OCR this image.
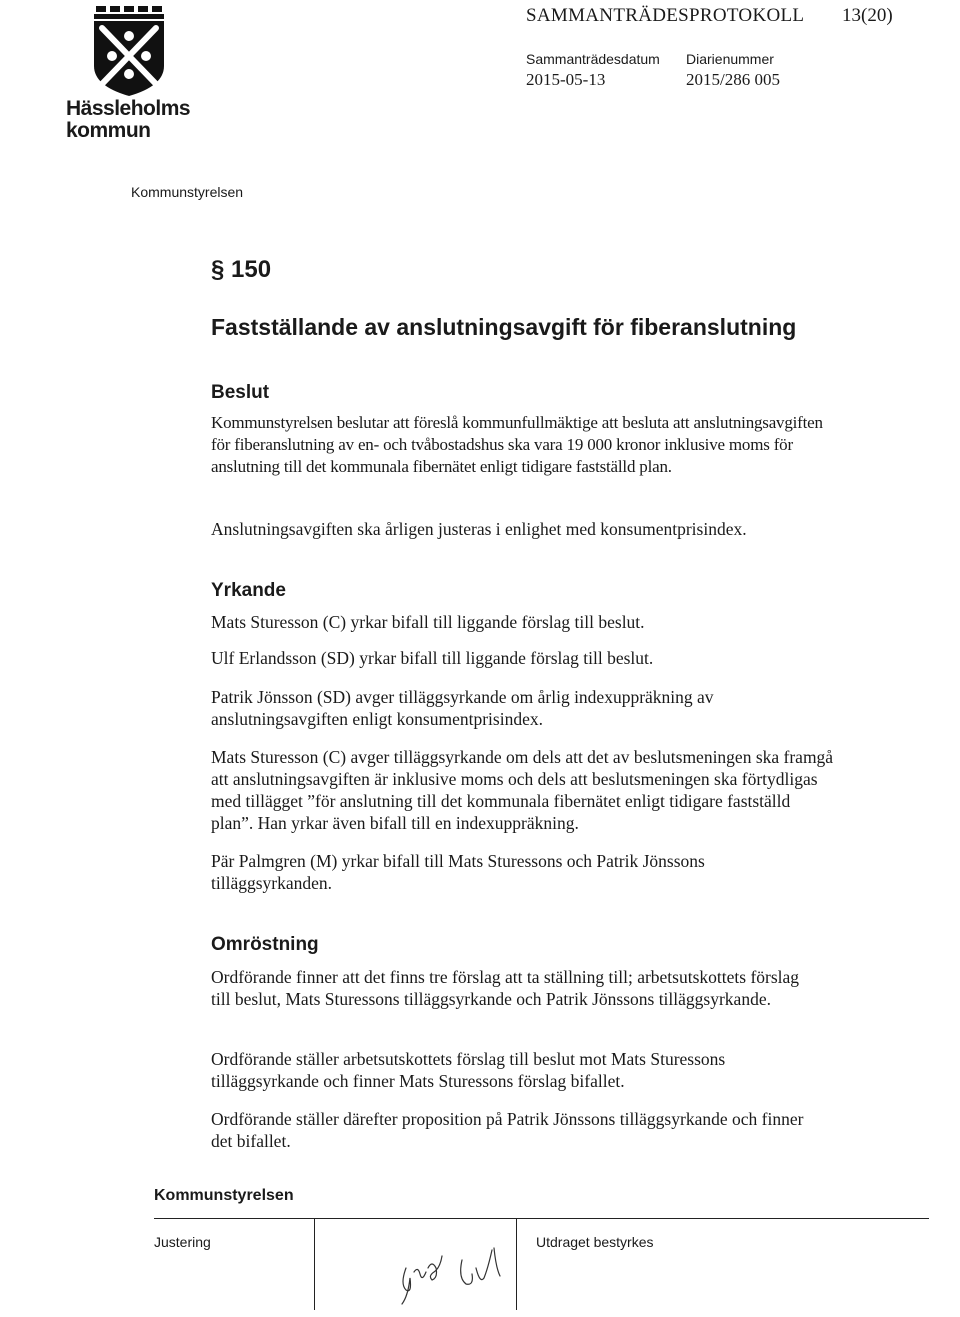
Hässleholms kommun
SAMMANTRÄDESPROTOKOLL 13(20)
Sammanträdesdatum
2015-05-13
Diarienummer
2015/286 005
Kommunstyrelsen
§ 150
Fastställande av anslutningsavgift för fiberanslutning
Beslut
Kommunstyrelsen beslutar att föreslå kommunfullmäktige att besluta att anslutningsavgiften för fiberanslutning av en- och tvåbostadshus ska vara 19 000 kronor inklusive moms för anslutning till det kommunala fibernätet enligt tidigare fastställd plan.
Anslutningsavgiften ska årligen justeras i enlighet med konsumentprisindex.
Yrkande
Mats Sturesson (C) yrkar bifall till liggande förslag till beslut.
Ulf Erlandsson (SD) yrkar bifall till liggande förslag till beslut.
Patrik Jönsson (SD) avger tilläggsyrkande om årlig indexuppräkning av anslutningsavgiften enligt konsumentprisindex.
Mats Sturesson (C) avger tilläggsyrkande om dels att det av beslutsmeningen ska framgå att anslutningsavgiften är inklusive moms och dels att beslutsmeningen ska förtydligas med tillägget ”för anslutning till det kommunala fibernätet enligt tidigare fastställd plan”. Han yrkar även bifall till en indexuppräkning.
Pär Palmgren (M) yrkar bifall till Mats Sturessons och Patrik Jönssons tilläggsyrkanden.
Omröstning
Ordförande finner att det finns tre förslag att ta ställning till; arbetsutskottets förslag till beslut, Mats Sturessons tilläggsyrkande och Patrik Jönssons tilläggsyrkande.
Ordförande ställer arbetsutskottets förslag till beslut mot Mats Sturessons tilläggsyrkande och finner Mats Sturessons förslag bifallet.
Ordförande ställer därefter proposition på Patrik Jönssons tilläggsyrkande och finner det bifallet.
Kommunstyrelsen
Justering	Utdraget bestyrkes
